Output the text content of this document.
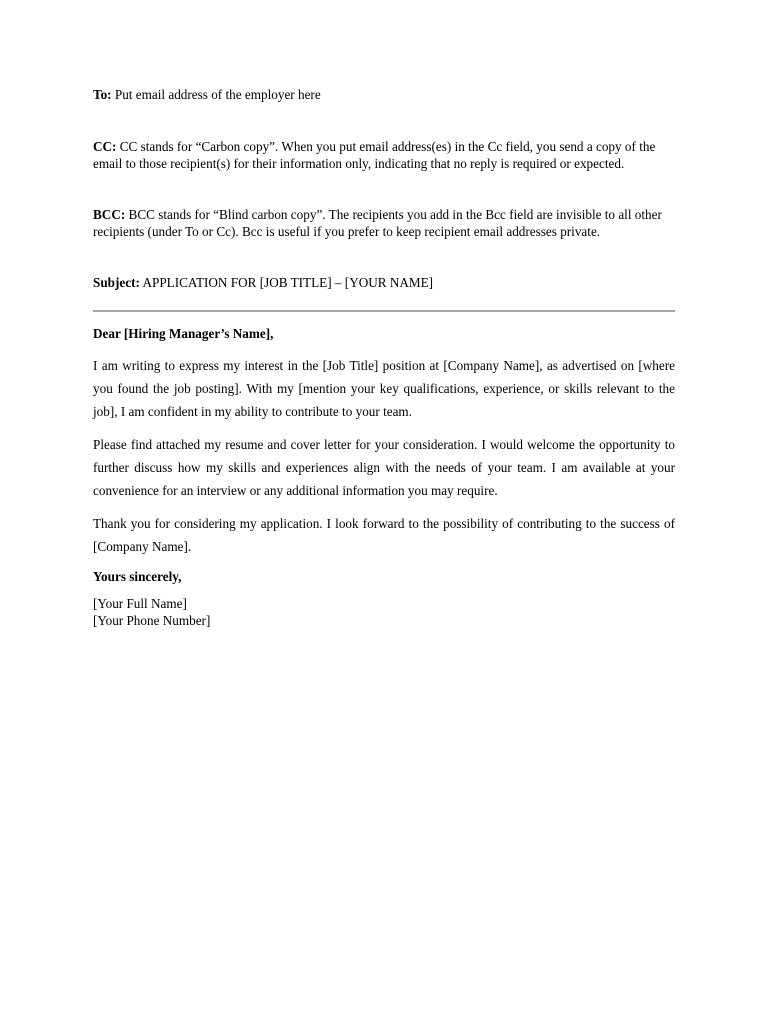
To: Put email address of the employer here

CC: CC stands for “Carbon copy”. When you put email address(es) in the Cc field, you send a copy of the email to those recipient(s) for their information only, indicating that no reply is required or expected.

BCC: BCC stands for “Blind carbon copy”. The recipients you add in the Bcc field are invisible to all other recipients (under To or Cc). Bcc is useful if you prefer to keep recipient email addresses private.

Subject: APPLICATION FOR [JOB TITLE] – [YOUR NAME]

Dear [Hiring Manager’s Name],

I am writing to express my interest in the [Job Title] position at [Company Name], as advertised on [where you found the job posting]. With my [mention your key qualifications, experience, or skills relevant to the job], I am confident in my ability to contribute to your team.

Please find attached my resume and cover letter for your consideration. I would welcome the opportunity to further discuss how my skills and experiences align with the needs of your team. I am available at your convenience for an interview or any additional information you may require.

Thank you for considering my application. I look forward to the possibility of contributing to the success of [Company Name].

Yours sincerely,

[Your Full Name]

[Your Phone Number]
